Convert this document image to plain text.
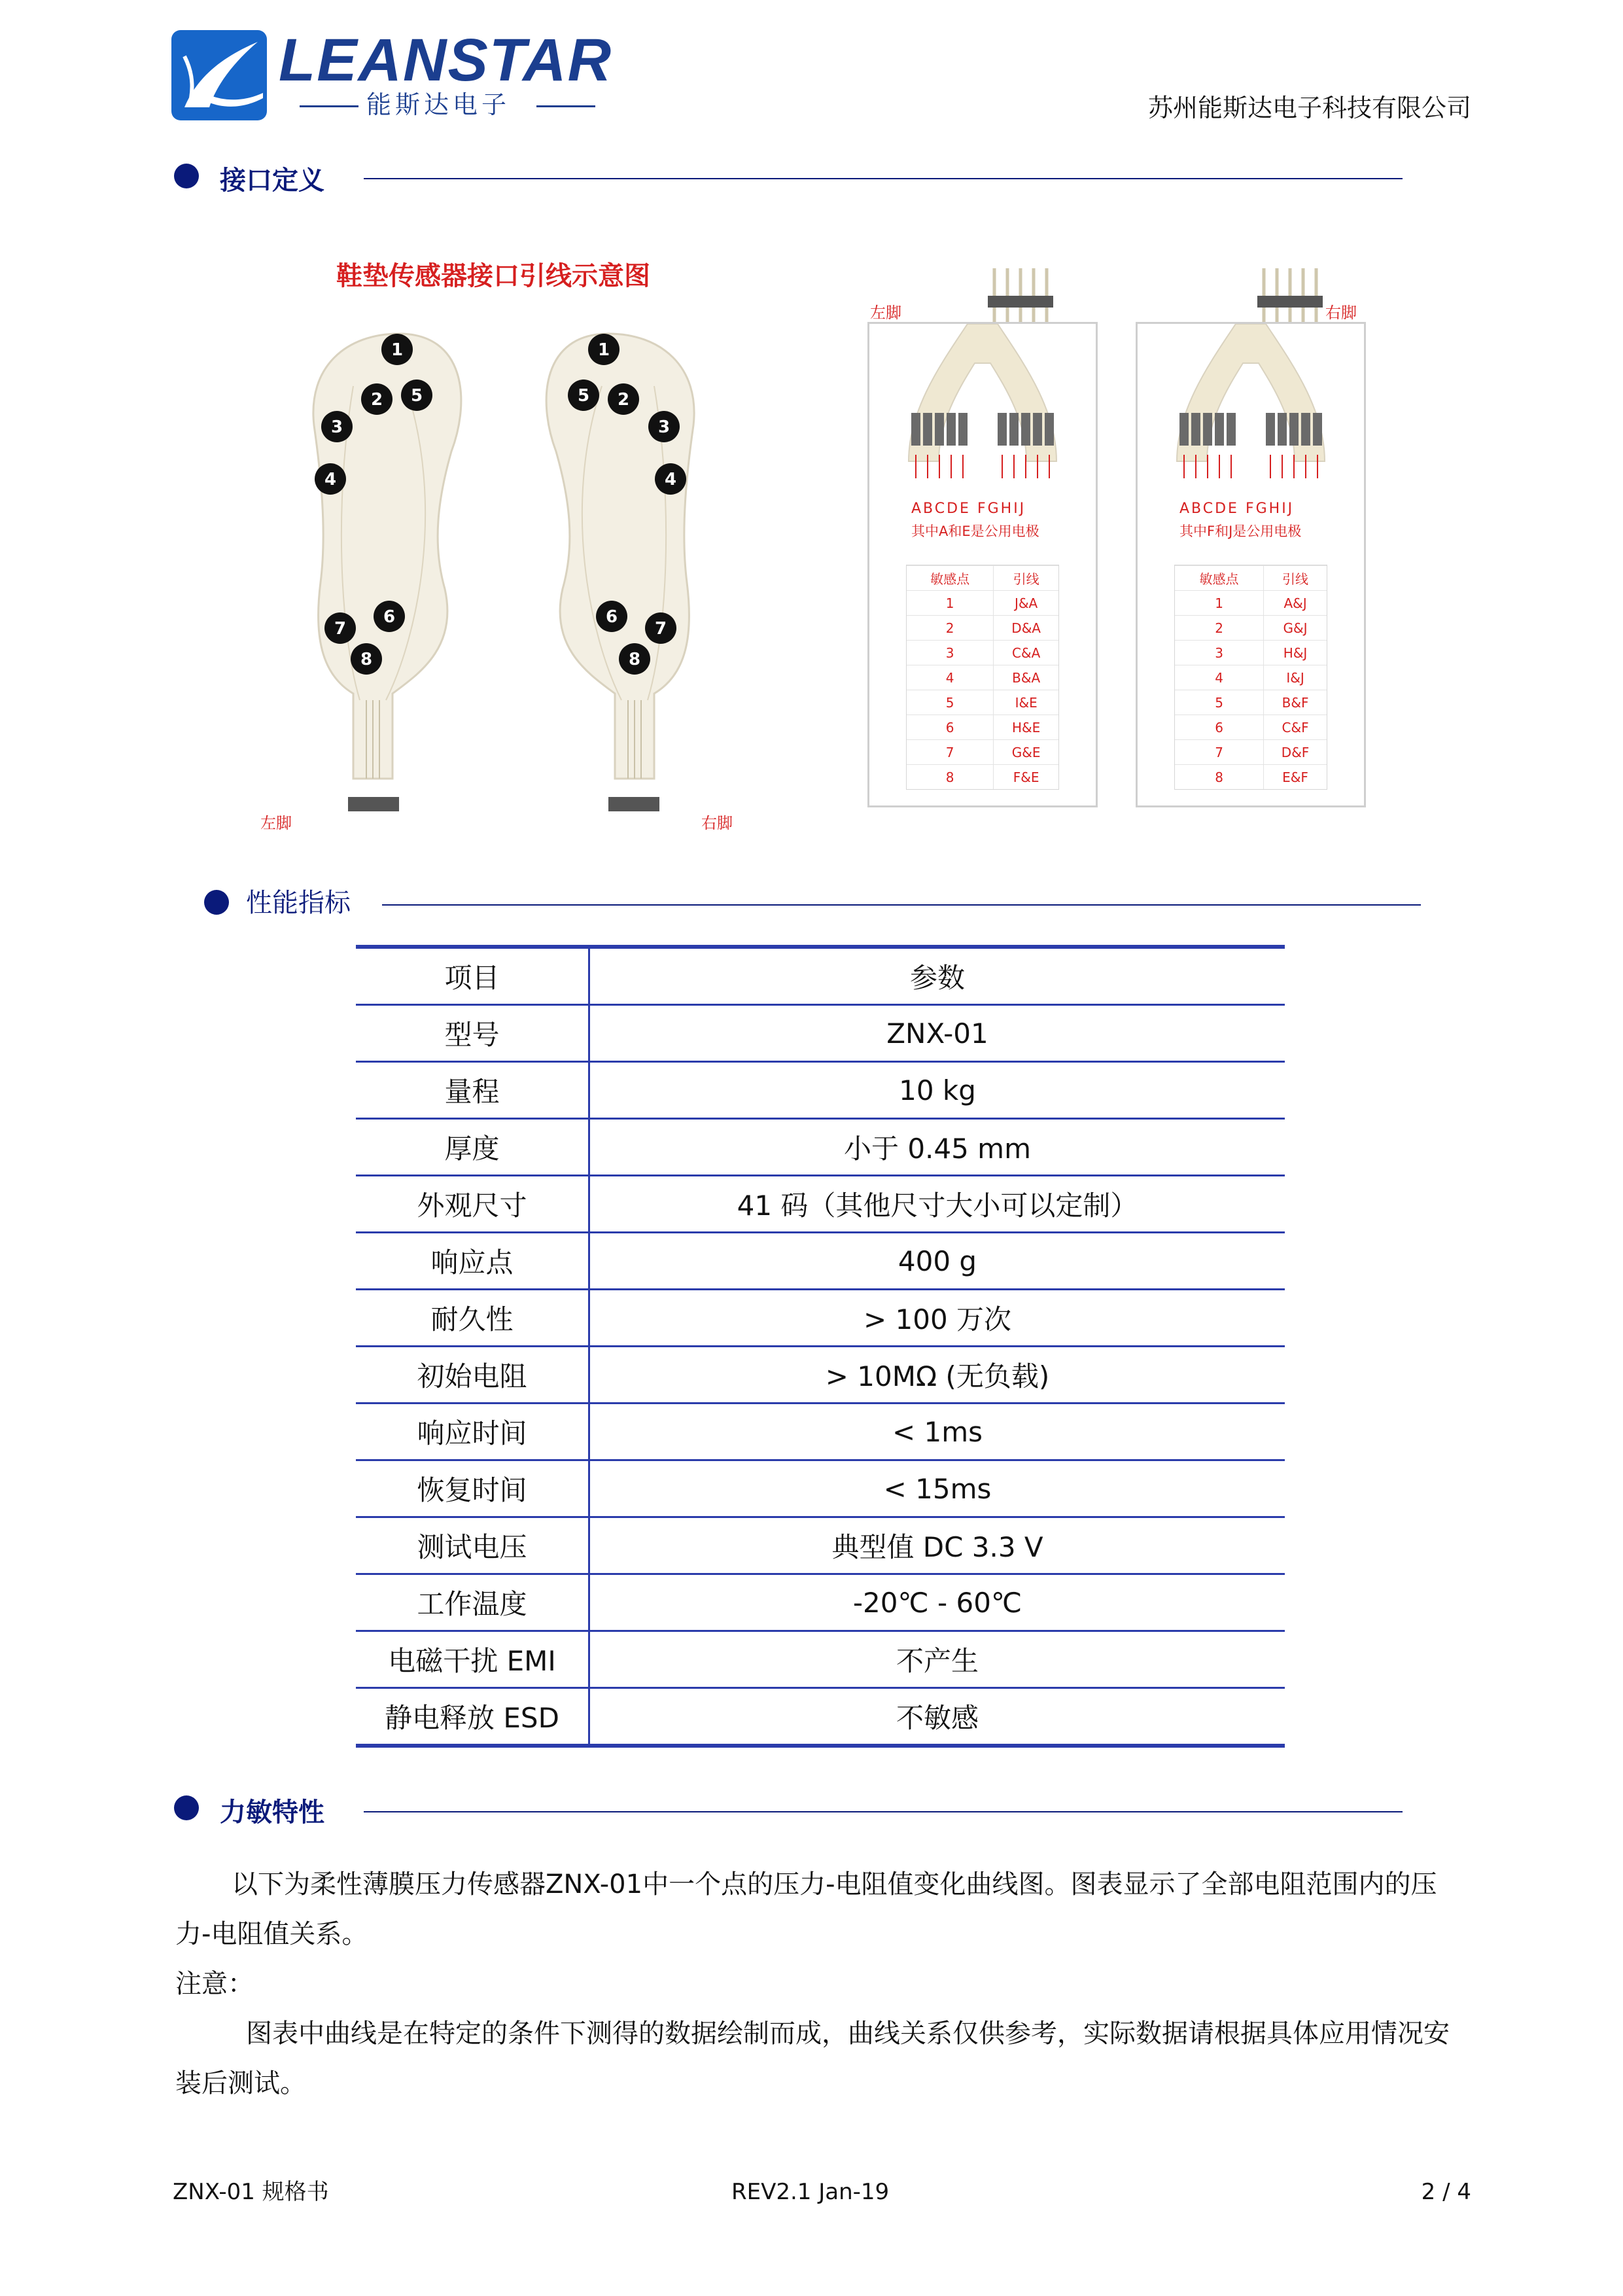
LEANSTAR
能斯达电子	苏州能斯达电子科技有限公司
接口定义
鞋垫传感器接口引线示意图
1
2 5
3
4
6
7
8
1
5 2
3
4
6
7
8
左脚	右脚
左脚
ABCDE FGHIJ
其中A和E是公用电极
敏感点	引线
1	J&A
2	D&A
3	C&A
4	B&A
5	I&E
6	H&E
7	G&E
8	F&E
右脚
ABCDE FGHIJ
其中F和J是公用电极
敏感点	引线
1	A&J
2	G&J
3	H&J
4	I&J
5	B&F
6	C&F
7	D&F
8	E&F
性能指标
项目	参数
型号	ZNX-01
量程	10 kg
厚度	小于 0.45 mm
外观尺寸	41 码（其他尺寸大小可以定制）
响应点	400 g
耐久性	> 100 万次
初始电阻	> 10MΩ (无负载)
响应时间	< 1ms
恢复时间	< 15ms
测试电压	典型值 DC 3.3 V
工作温度	-20℃ - 60℃
电磁干扰 EMI	不产生
静电释放 ESD	不敏感
力敏特性
以下为柔性薄膜压力传感器ZNX-01中一个点的压力-电阻值变化曲线图。图表显示了全部电阻范围内的压力-电阻值关系。
注意：
图表中曲线是在特定的条件下测得的数据绘制而成，曲线关系仅供参考，实际数据请根据具体应用情况安装后测试。
ZNX-01 规格书	REV2.1 Jan-19	2 / 4
